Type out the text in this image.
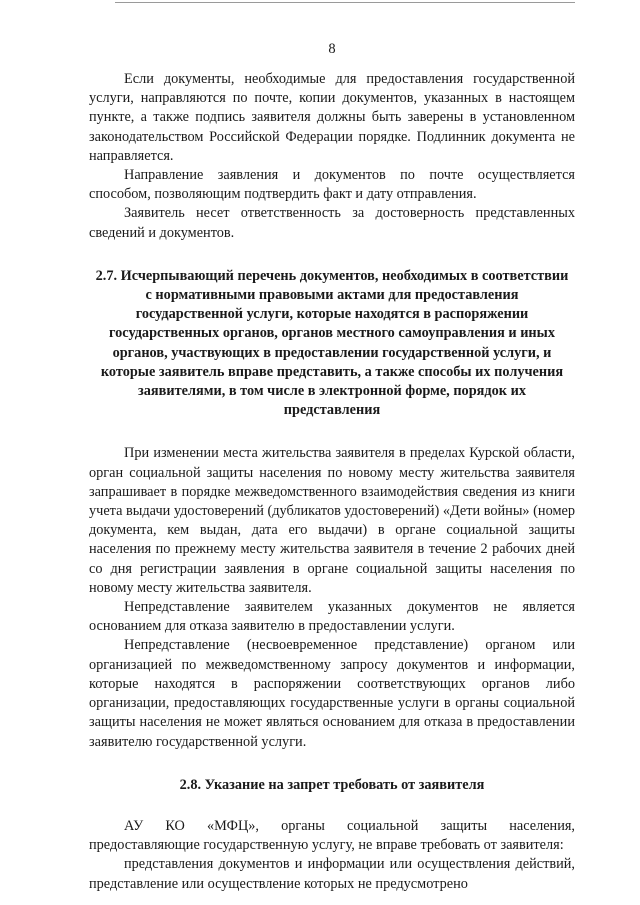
8

Если документы, необходимые для предоставления государственной услуги, направляются по почте, копии документов, указанных в настоящем пункте, а также подпись заявителя должны быть заверены в установленном законодательством Российской Федерации порядке. Подлинник документа не направляется.

Направление заявления и документов по почте осуществляется способом, позволяющим подтвердить факт и дату отправления.

Заявитель несет ответственность за достоверность представленных сведений и документов.

2.7. Исчерпывающий перечень документов, необходимых в соответствии с нормативными правовыми актами для предоставления государственной услуги, которые находятся в распоряжении государственных органов, органов местного самоуправления и иных органов, участвующих в предоставлении государственной услуги, и которые заявитель вправе представить, а также способы их получения заявителями, в том числе в электронной форме, порядок их представления

При изменении места жительства заявителя в пределах Курской области, орган социальной защиты населения по новому месту жительства заявителя запрашивает в порядке межведомственного взаимодействия сведения из книги учета выдачи удостоверений (дубликатов удостоверений) «Дети войны» (номер документа, кем выдан, дата его выдачи) в органе социальной защиты населения по прежнему месту жительства заявителя в течение 2 рабочих дней со дня регистрации заявления в органе социальной защиты населения по новому месту жительства заявителя.

Непредставление заявителем указанных документов не является основанием для отказа заявителю в предоставлении услуги.

Непредставление (несвоевременное представление) органом или организацией по межведомственному запросу документов и информации, которые находятся в распоряжении соответствующих органов либо организации, предоставляющих государственные услуги в органы социальной защиты населения не может являться основанием для отказа в предоставлении заявителю государственной услуги.

2.8. Указание на запрет требовать от заявителя

АУ КО «МФЦ», органы социальной защиты населения, предоставляющие государственную услугу, не вправе требовать от заявителя:

представления документов и информации или осуществления действий, представление или осуществление которых не предусмотрено
